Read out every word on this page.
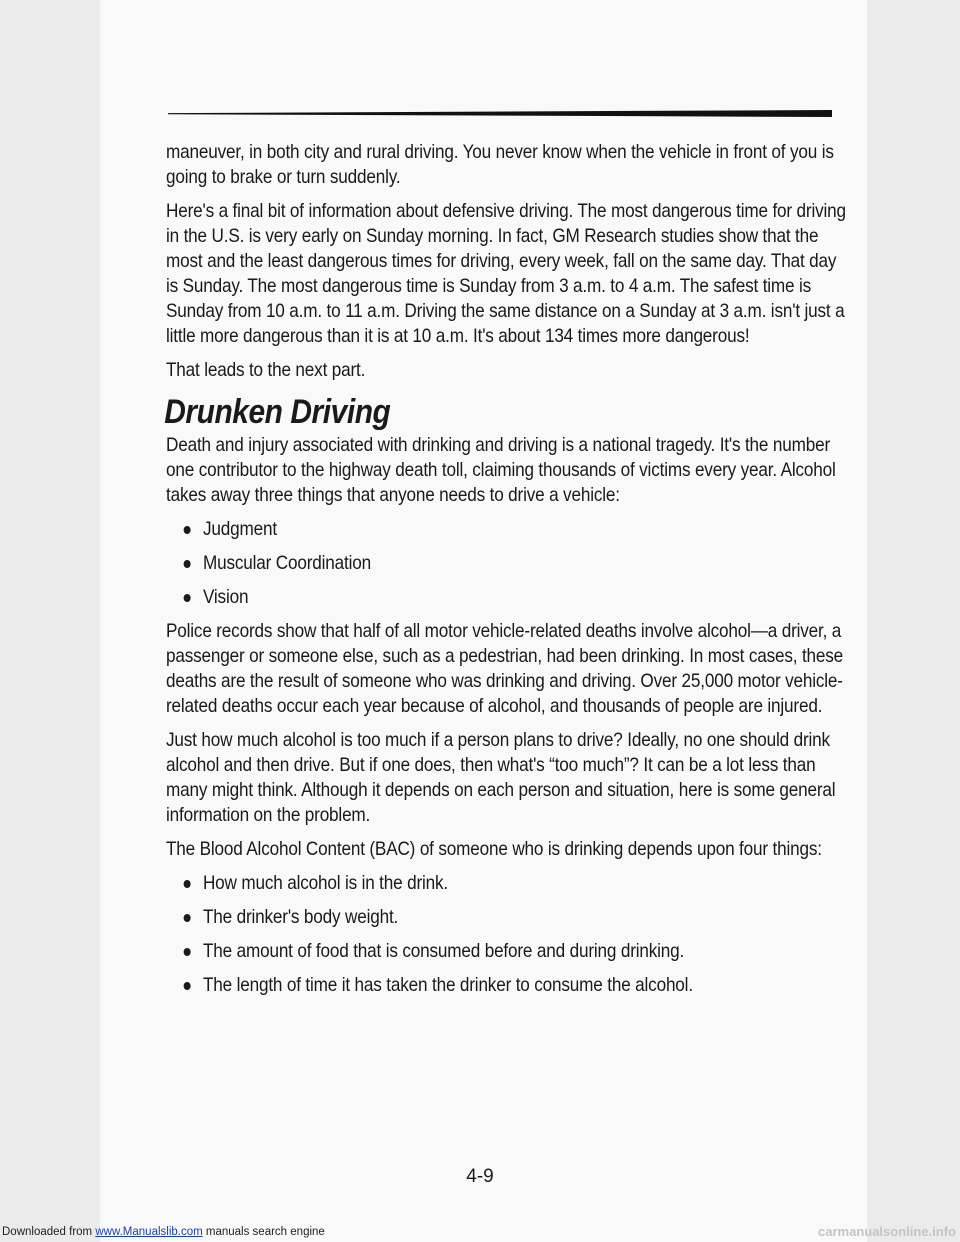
maneuver, in both city and rural driving. You never know when the vehicle in front of you is going to brake or turn suddenly.

Here's a final bit of information about defensive driving. The most dangerous time for driving in the U.S. is very early on Sunday morning. In fact, GM Research studies show that the most and the least dangerous times for driving, every week, fall on the same day. That day is Sunday. The most dangerous time is Sunday from 3 a.m. to 4 a.m. The safest time is Sunday from 10 a.m. to 11 a.m. Driving the same distance on a Sunday at 3 a.m. isn't just a little more dangerous than it is at 10 a.m. It's about 134 times more dangerous!

That leads to the next part.

Drunken Driving

Death and injury associated with drinking and driving is a national tragedy. It's the number one contributor to the highway death toll, claiming thousands of victims every year. Alcohol takes away three things that anyone needs to drive a vehicle:

Judgment
Muscular Coordination
Vision

Police records show that half of all motor vehicle-related deaths involve alcohol—a driver, a passenger or someone else, such as a pedestrian, had been drinking. In most cases, these deaths are the result of someone who was drinking and driving. Over 25,000 motor vehicle-related deaths occur each year because of alcohol, and thousands of people are injured.

Just how much alcohol is too much if a person plans to drive? Ideally, no one should drink alcohol and then drive. But if one does, then what's “too much”? It can be a lot less than many might think. Although it depends on each person and situation, here is some general information on the problem.

The Blood Alcohol Content (BAC) of someone who is drinking depends upon four things:

How much alcohol is in the drink.
The drinker's body weight.
The amount of food that is consumed before and during drinking.
The length of time it has taken the drinker to consume the alcohol.
4-9
Downloaded from www.Manualslib.com manuals search engine	carmanualsonline.info
